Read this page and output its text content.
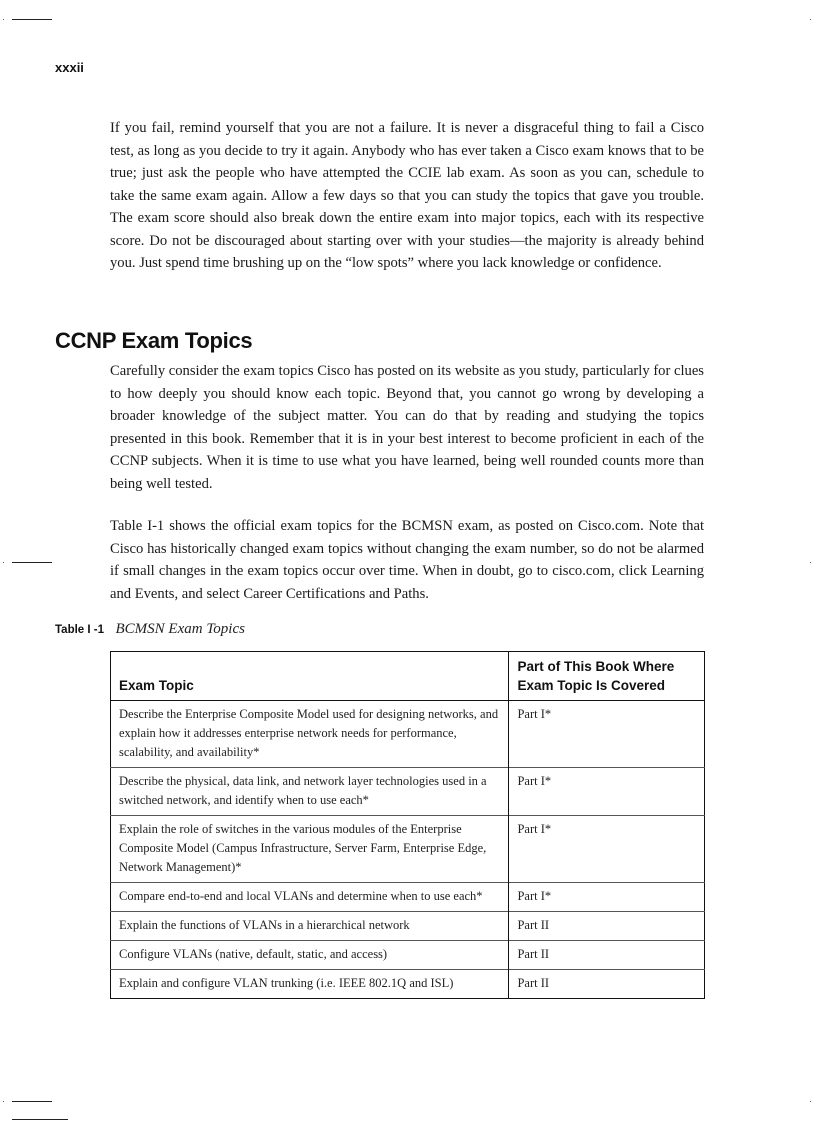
xxxii

If you fail, remind yourself that you are not a failure. It is never a disgraceful thing to fail a Cisco test, as long as you decide to try it again. Anybody who has ever taken a Cisco exam knows that to be true; just ask the people who have attempted the CCIE lab exam. As soon as you can, schedule to take the same exam again. Allow a few days so that you can study the topics that gave you trouble. The exam score should also break down the entire exam into major topics, each with its respective score. Do not be discouraged about starting over with your studies—the majority is already behind you. Just spend time brushing up on the “low spots” where you lack knowledge or confidence.

CCNP Exam Topics

Carefully consider the exam topics Cisco has posted on its website as you study, particularly for clues to how deeply you should know each topic. Beyond that, you cannot go wrong by developing a broader knowledge of the subject matter. You can do that by reading and studying the topics presented in this book. Remember that it is in your best interest to become proficient in each of the CCNP subjects. When it is time to use what you have learned, being well rounded counts more than being well tested.

Table I-1 shows the official exam topics for the BCMSN exam, as posted on Cisco.com. Note that Cisco has historically changed exam topics without changing the exam number, so do not be alarmed if small changes in the exam topics occur over time. When in doubt, go to cisco.com, click Learning and Events, and select Career Certifications and Paths.

Table I -1 BCMSN Exam Topics
Exam Topic	Part of This Book Where Exam Topic Is Covered
Describe the Enterprise Composite Model used for designing networks, and explain how it addresses enterprise network needs for performance, scalability, and availability*	Part I*
Describe the physical, data link, and network layer technologies used in a switched network, and identify when to use each*	Part I*
Explain the role of switches in the various modules of the Enterprise Composite Model (Campus Infrastructure, Server Farm, Enterprise Edge, Network Management)*	Part I*
Compare end-to-end and local VLANs and determine when to use each*	Part I*
Explain the functions of VLANs in a hierarchical network	Part II
Configure VLANs (native, default, static, and access)	Part II
Explain and configure VLAN trunking (i.e. IEEE 802.1Q and ISL)	Part II
